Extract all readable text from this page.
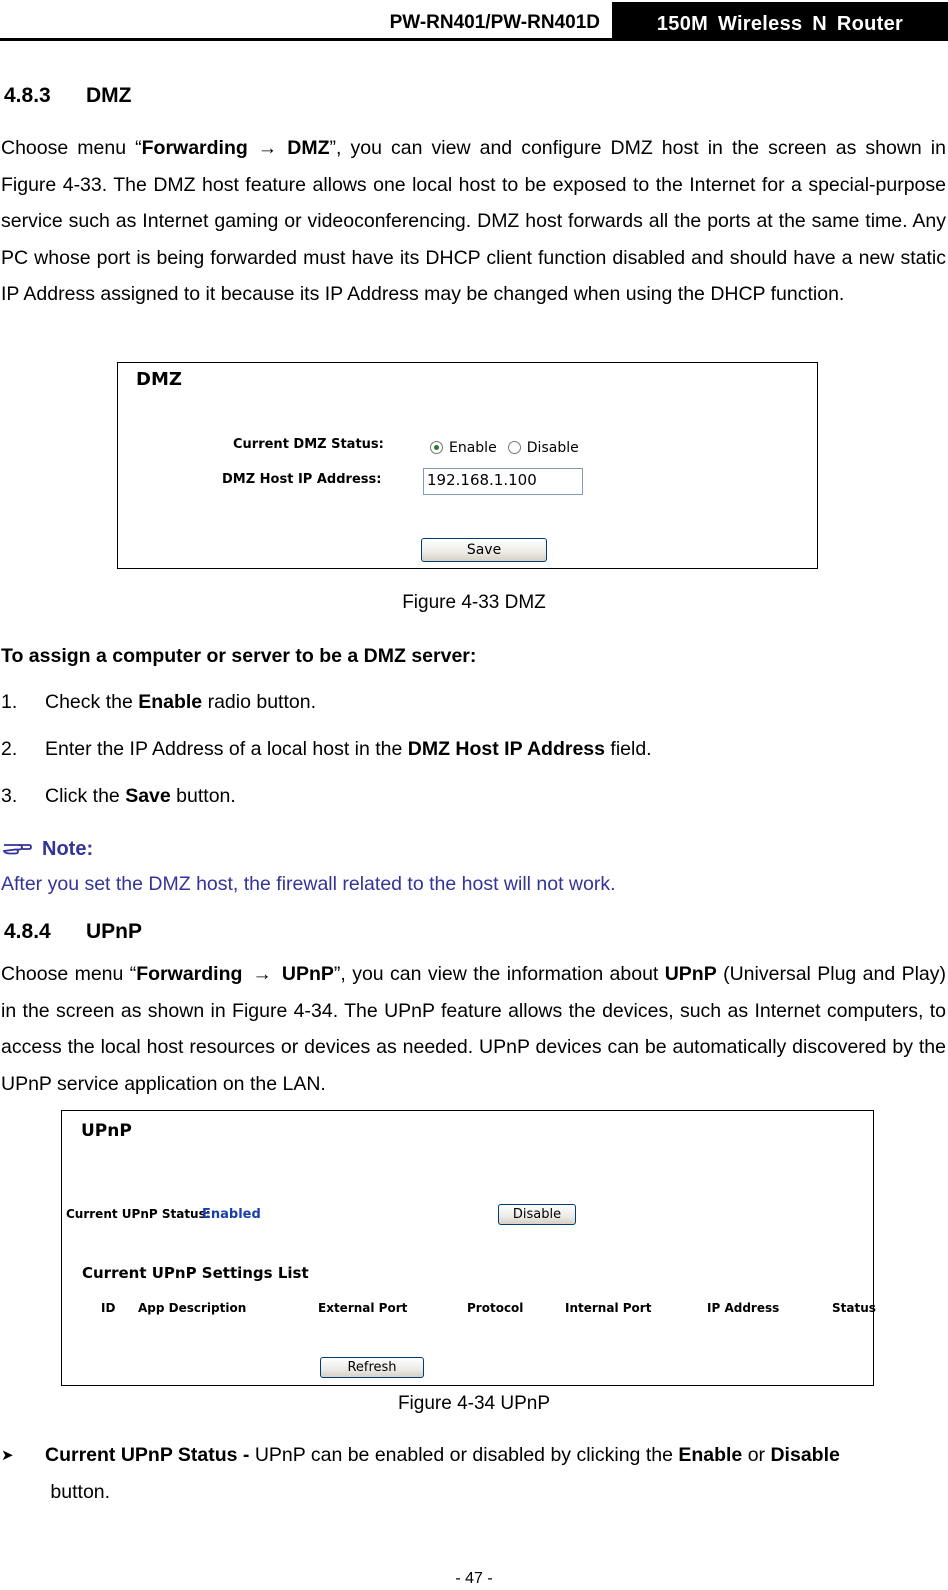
PW-RN401/PW-RN401D	150M Wireless N Router
4.8.3 DMZ
Choose menu “Forwarding → DMZ”, you can view and configure DMZ host in the screen as shown in Figure 4-33. The DMZ host feature allows one local host to be exposed to the Internet for a special-purpose service such as Internet gaming or videoconferencing. DMZ host forwards all the ports at the same time. Any PC whose port is being forwarded must have its DHCP client function disabled and should have a new static IP Address assigned to it because its IP Address may be changed when using the DHCP function.
DMZ
Current DMZ Status:	Enable Disable
DMZ Host IP Address:	192.168.1.100
Save
Figure 4-33 DMZ
To assign a computer or server to be a DMZ server:
1. Check the Enable radio button.
2. Enter the IP Address of a local host in the DMZ Host IP Address field.
3. Click the Save button.
Note:
After you set the DMZ host, the firewall related to the host will not work.
4.8.4 UPnP
Choose menu “Forwarding → UPnP”, you can view the information about UPnP (Universal Plug and Play) in the screen as shown in Figure 4-34. The UPnP feature allows the devices, such as Internet computers, to access the local host resources or devices as needed. UPnP devices can be automatically discovered by the UPnP service application on the LAN.
UPnP
Current UPnP Status:
Enabled	Disable
Current UPnP Settings List
ID App Description	External Port	Protocol	Internal Port	IP Address	Status
Refresh
Figure 4-34 UPnP
➤ Current UPnP Status - UPnP can be enabled or disabled by clicking the Enable or Disable
button.
- 47 -
